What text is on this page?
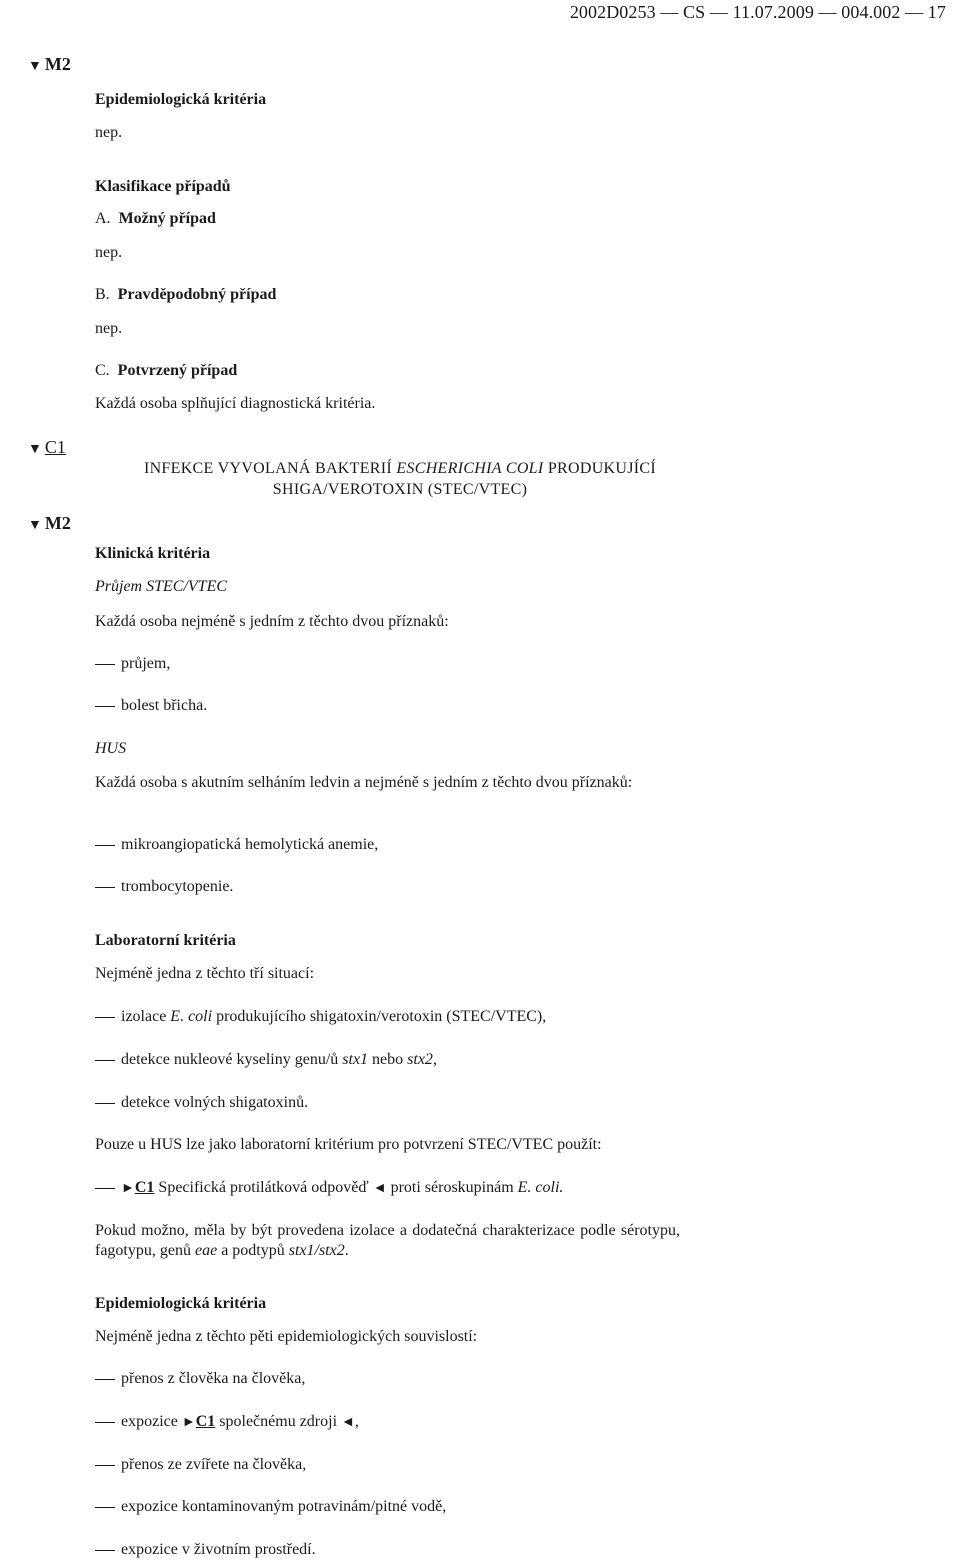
2002D0253 — CS — 11.07.2009 — 004.002 — 17
▼ M2
▼ C1
▼ M2
Epidemiologická kritéria
nep.
Klasifikace případů
A. Možný případ
nep.
B. Pravděpodobný případ
nep.
C. Potvrzený případ
Každá osoba splňující diagnostická kritéria.
INFEKCE VYVOLANÁ BAKTERIÍ ESCHERICHIA COLI PRODUKUJÍCÍ
SHIGA/VEROTOXIN (STEC/VTEC)
Klinická kritéria
Průjem STEC/VTEC
Každá osoba nejméně s jedním z těchto dvou příznaků:
průjem,
bolest břicha.
HUS
Každá osoba s akutním selháním ledvin a nejméně s jedním z těchto dvou příznaků:
mikroangiopatická hemolytická anemie,
trombocytopenie.
Laboratorní kritéria
Nejméně jedna z těchto tří situací:
izolace E. coli produkujícího shigatoxin/verotoxin (STEC/VTEC),
detekce nukleové kyseliny genu/ů stx1 nebo stx2,
detekce volných shigatoxinů.
Pouze u HUS lze jako laboratorní kritérium pro potvrzení STEC/VTEC použít:
►C1 Specifická protilátková odpověď ◄ proti séroskupinám E. coli.
Pokud možno, měla by být provedena izolace a dodatečná charakterizace podle sérotypu, fagotypu, genů eae a podtypů stx1/stx2.
Epidemiologická kritéria
Nejméně jedna z těchto pěti epidemiologických souvislostí:
přenos z člověka na člověka,
expozice ►C1 společnému zdroji ◄,
přenos ze zvířete na člověka,
expozice kontaminovaným potravinám/pitné vodě,
expozice v životním prostředí.
